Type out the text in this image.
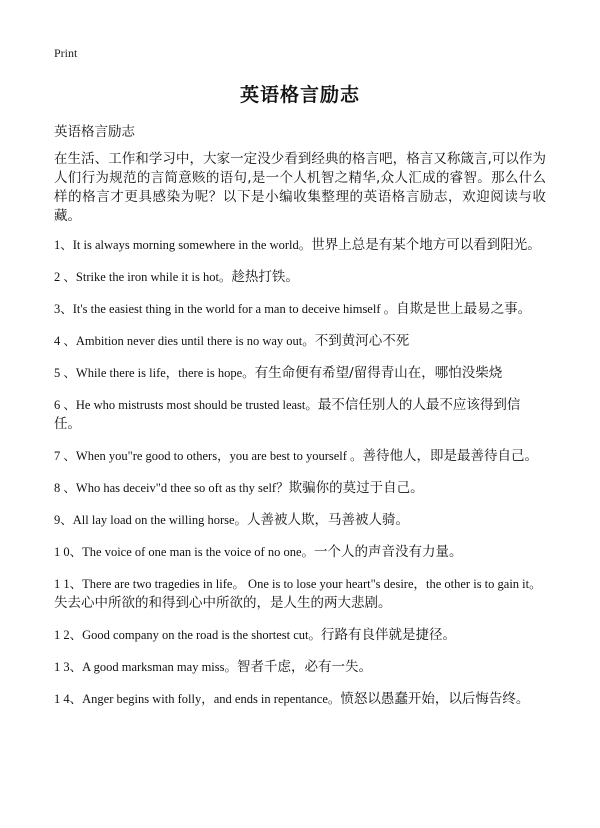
Print
英语格言励志
英语格言励志
在生活、工作和学习中，大家一定没少看到经典的格言吧，格言又称箴言,可以作为人们行为规范的言简意赅的语句,是一个人机智之精华,众人汇成的睿智。那么什么样的格言才更具感染为呢？以下是小编收集整理的英语格言励志，欢迎阅读与收藏。
1、It is always morning somewhere in the world。世界上总是有某个地方可以看到阳光。
2 、Strike the iron while it is hot。趁热打铁。
3、It's the easiest thing in the world for a man to deceive himself 。自欺是世上最易之事。
4 、Ambition never dies until there is no way out。不到黄河心不死
5 、While there is life，there is hope。有生命便有希望/留得青山在，哪怕没柴烧
6 、He who mistrusts most should be trusted least。最不信任别人的人最不应该得到信任。
7 、When you"re good to others，you are best to yourself 。善待他人，即是最善待自己。
8 、Who has deceiv"d thee so oft as thy self？欺骗你的莫过于自己。
9、All lay load on the willing horse。人善被人欺，马善被人骑。
1 0、The voice of one man is the voice of no one。一个人的声音没有力量。
1 1、There are two tragedies in life。 One is to lose your heart"s desire，the other is to gain it。失去心中所欲的和得到心中所欲的，是人生的两大悲剧。
1 2、Good company on the road is the shortest cut。行路有良伴就是捷径。
1 3、A good marksman may miss。智者千虑，必有一失。
1 4、Anger begins with folly，and ends in repentance。愤怒以愚蠢开始，以后悔告终。
